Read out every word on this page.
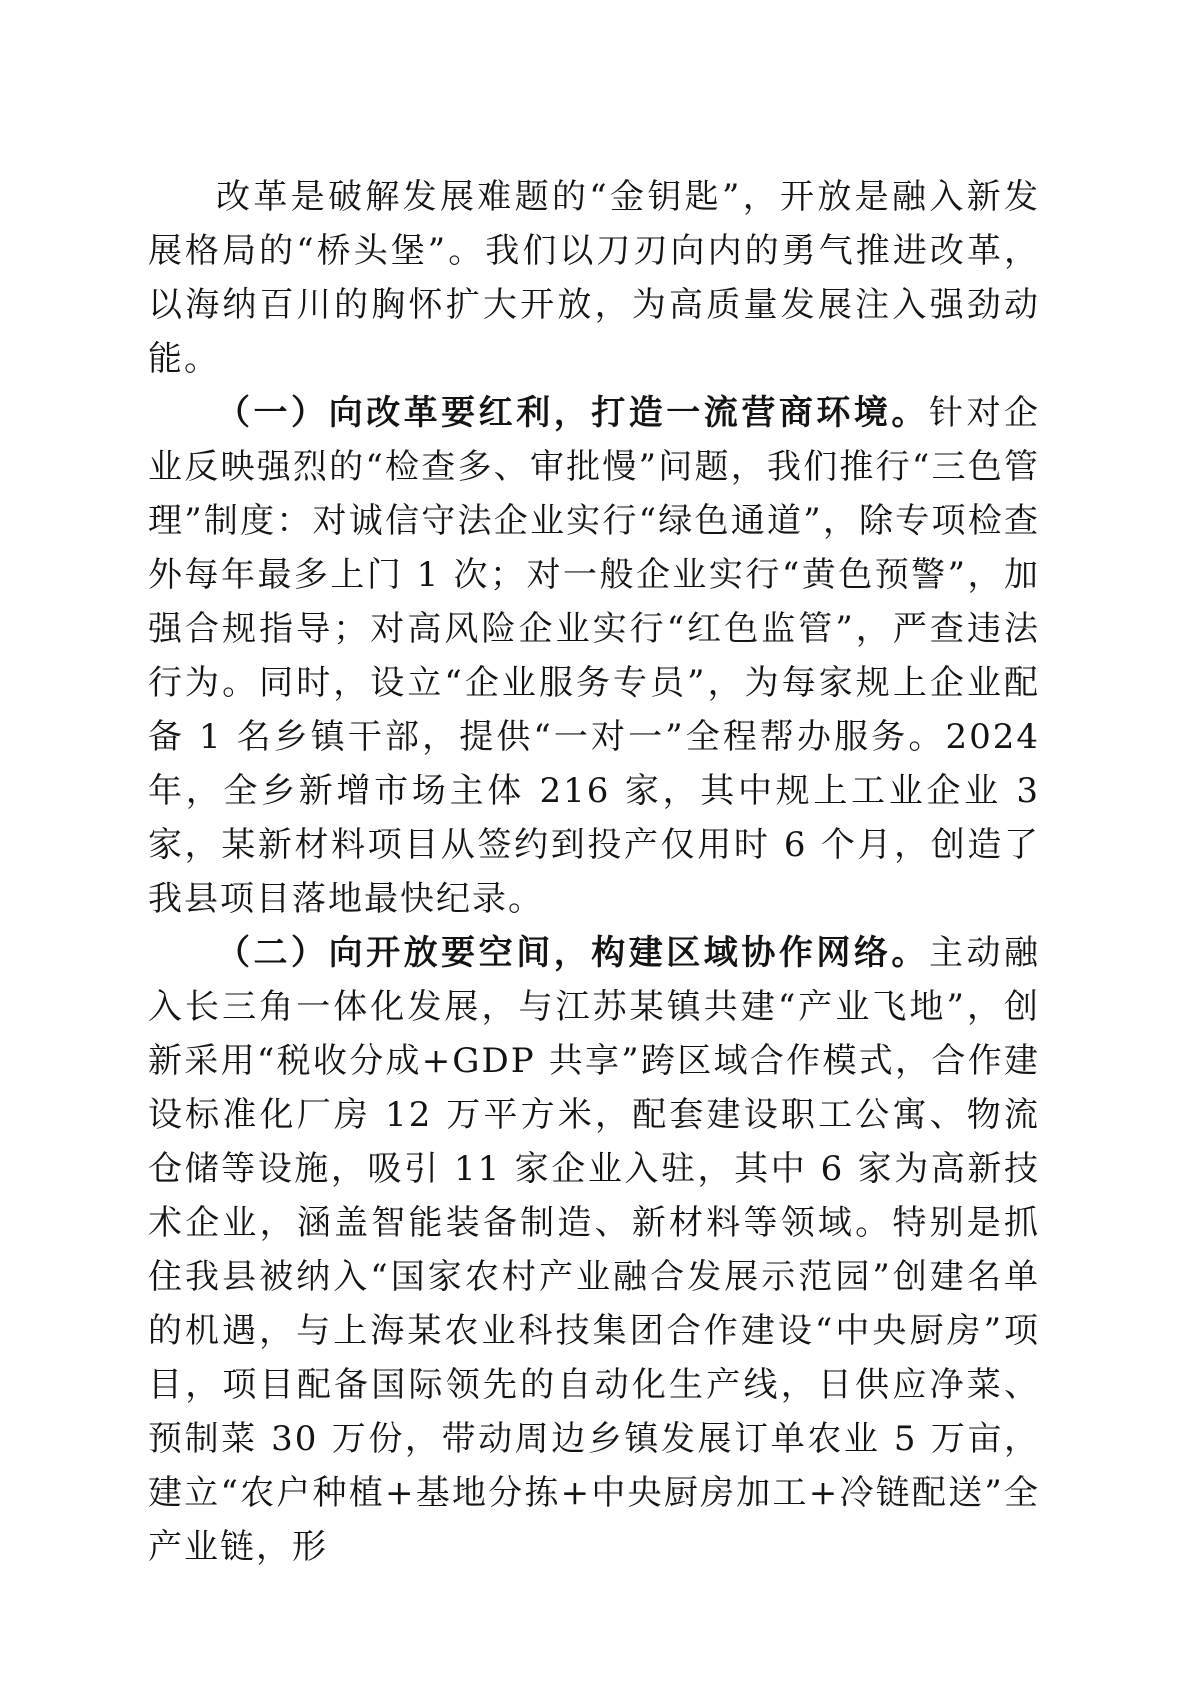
改革是破解发展难题的“金钥匙”，开放是融入新发展格局的“桥头堡”。我们以刀刃向内的勇气推进改革，以海纳百川的胸怀扩大开放，为高质量发展注入强劲动能。

（一）向改革要红利，打造一流营商环境。针对企业反映强烈的“检查多、审批慢”问题，我们推行“三色管理”制度：对诚信守法企业实行“绿色通道”，除专项检查外每年最多上门 1 次；对一般企业实行“黄色预警”，加强合规指导；对高风险企业实行“红色监管”，严查违法行为。同时，设立“企业服务专员”，为每家规上企业配备 1 名乡镇干部，提供“一对一”全程帮办服务。2024 年，全乡新增市场主体 216 家，其中规上工业企业 3 家，某新材料项目从签约到投产仅用时 6 个月，创造了我县项目落地最快纪录。

（二）向开放要空间，构建区域协作网络。主动融入长三角一体化发展，与江苏某镇共建“产业飞地”，创新采用“税收分成+GDP 共享”跨区域合作模式，合作建设标准化厂房 12 万平方米，配套建设职工公寓、物流仓储等设施，吸引 11 家企业入驻，其中 6 家为高新技术企业，涵盖智能装备制造、新材料等领域。特别是抓住我县被纳入“国家农村产业融合发展示范园”创建名单的机遇，与上海某农业科技集团合作建设“中央厨房”项目，项目配备国际领先的自动化生产线，日供应净菜、预制菜 30 万份，带动周边乡镇发展订单农业 5 万亩，建立“农户种植+基地分拣+中央厨房加工+冷链配送”全产业链，形
